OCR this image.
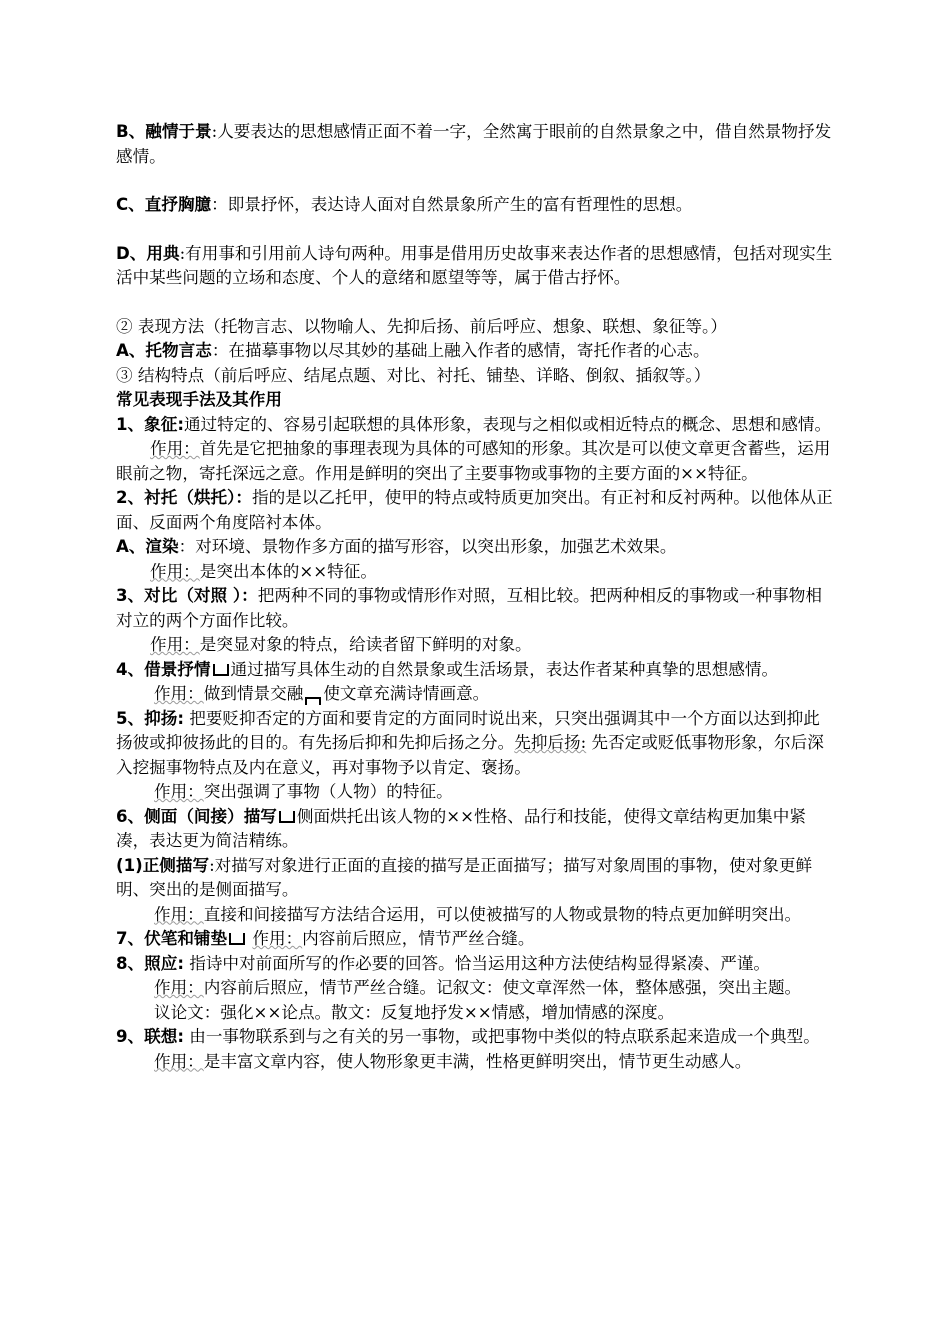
B、融情于景:人要表达的思想感情正面不着一字，全然寓于眼前的自然景象之中，借自然景物抒发感情。

C、直抒胸臆：即景抒怀，表达诗人面对自然景象所产生的富有哲理性的思想。

D、用典:有用事和引用前人诗句两种。用事是借用历史故事来表达作者的思想感情，包括对现实生活中某些问题的立场和态度、个人的意绪和愿望等等，属于借古抒怀。

② 表现方法（托物言志、以物喻人、先抑后扬、前后呼应、想象、联想、象征等。）

A、托物言志：在描摹事物以尽其妙的基础上融入作者的感情，寄托作者的心志。

③ 结构特点（前后呼应、结尾点题、对比、衬托、铺垫、详略、倒叙、插叙等。）

常见表现手法及其作用

1、象征:通过特定的、容易引起联想的具体形象，表现与之相似或相近特点的概念、思想和感情。

作用：首先是它把抽象的事理表现为具体的可感知的形象。其次是可以使文章更含蓄些，运用眼前之物，寄托深远之意。作用是鲜明的突出了主要事物或事物的主要方面的××特征。

2、衬托（烘托）：指的是以乙托甲，使甲的特点或特质更加突出。有正衬和反衬两种。以他体从正面、反面两个角度陪衬本体。

A、渲染：对环境、景物作多方面的描写形容，以突出形象，加强艺术效果。

作用：是突出本体的××特征。

3、对比（对照 ）：把两种不同的事物或情形作对照，互相比较。把两种相反的事物或一种事物相对立的两个方面作比较。

作用：是突显对象的特点，给读者留下鲜明的对象。

4、借景抒情 通过描写具体生动的自然景象或生活场景，表达作者某种真挚的思想感情。

作用：做到情景交融 使文章充满诗情画意。

5、抑扬: 把要贬抑否定的方面和要肯定的方面同时说出来，只突出强调其中一个方面以达到抑此扬彼或抑彼扬此的目的。有先扬后抑和先抑后扬之分。先抑后扬: 先否定或贬低事物形象，尔后深入挖掘事物特点及内在意义，再对事物予以肯定、褒扬。

作用：突出强调了事物（人物）的特征。

6、侧面（间接）描写 侧面烘托出该人物的××性格、品行和技能，使得文章结构更加集中紧凑，表达更为简洁精练。

(1)正侧描写:对描写对象进行正面的直接的描写是正面描写；描写对象周围的事物，使对象更鲜明、突出的是侧面描写。

作用：直接和间接描写方法结合运用，可以使被描写的人物或景物的特点更加鲜明突出。

7、伏笔和铺垫 作用：内容前后照应，情节严丝合缝。

8、照应: 指诗中对前面所写的作必要的回答。恰当运用这种方法使结构显得紧凑、严谨。

作用：内容前后照应，情节严丝合缝。记叙文：使文章浑然一体，整体感强，突出主题。

议论文：强化××论点。散文：反复地抒发××情感，增加情感的深度。

9、联想: 由一事物联系到与之有关的另一事物，或把事物中类似的特点联系起来造成一个典型。

作用：是丰富文章内容，使人物形象更丰满，性格更鲜明突出，情节更生动感人。
